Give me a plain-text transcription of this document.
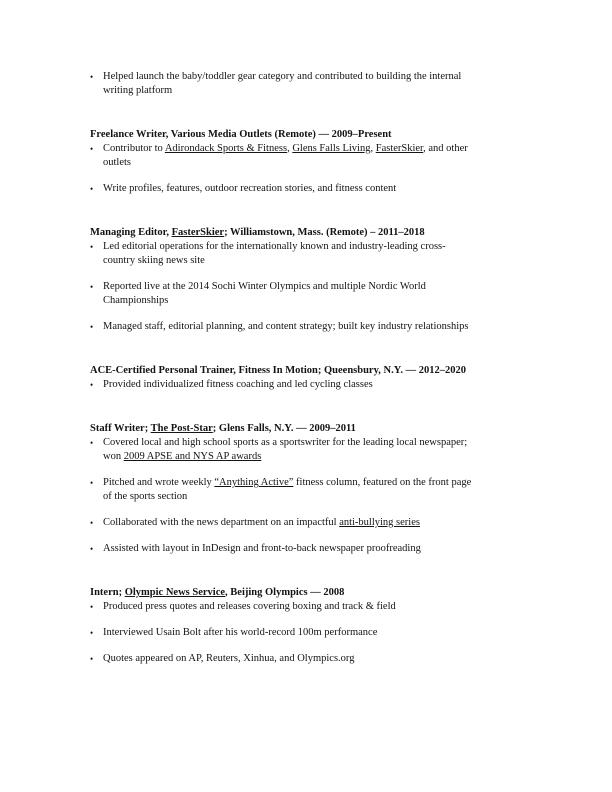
• Helped launch the baby/toddler gear category and contributed to building the internal
writing platform
Freelance Writer, Various Media Outlets (Remote) — 2009–Present
• Contributor to Adirondack Sports & Fitness, Glens Falls Living, FasterSkier, and other
outlets
• Write profiles, features, outdoor recreation stories, and fitness content
Managing Editor, FasterSkier; Williamstown, Mass. (Remote) – 2011–2018
• Led editorial operations for the internationally known and industry-leading cross-
country skiing news site
• Reported live at the 2014 Sochi Winter Olympics and multiple Nordic World
Championships
• Managed staff, editorial planning, and content strategy; built key industry relationships
ACE-Certified Personal Trainer, Fitness In Motion; Queensbury, N.Y. — 2012–2020
• Provided individualized fitness coaching and led cycling classes
Staff Writer; The Post-Star; Glens Falls, N.Y. — 2009–2011
• Covered local and high school sports as a sportswriter for the leading local newspaper;
won 2009 APSE and NYS AP awards
• Pitched and wrote weekly “Anything Active” fitness column, featured on the front page
of the sports section
• Collaborated with the news department on an impactful anti-bullying series
• Assisted with layout in InDesign and front-to-back newspaper proofreading
Intern; Olympic News Service, Beijing Olympics — 2008
• Produced press quotes and releases covering boxing and track & field
• Interviewed Usain Bolt after his world-record 100m performance
• Quotes appeared on AP, Reuters, Xinhua, and Olympics.org
